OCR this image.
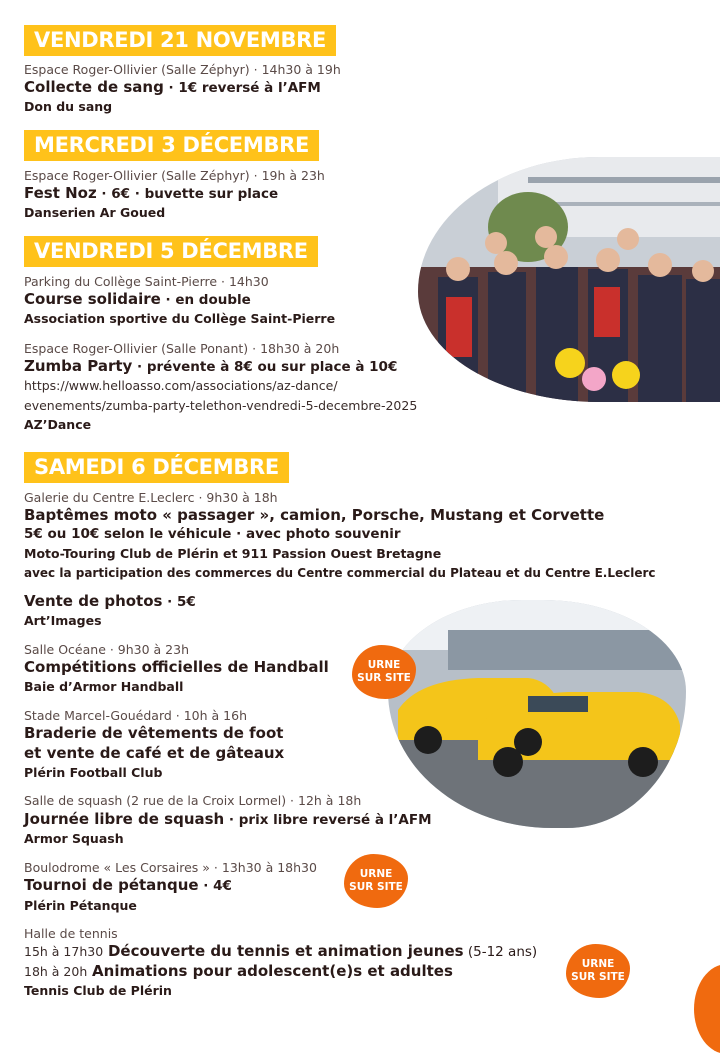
VENDREDI 21 NOVEMBRE
Espace Roger-Ollivier (Salle Zéphyr) · 14h30 à 19h
Collecte de sang · 1€ reversé à l’AFM
Don du sang
MERCREDI 3 DÉCEMBRE
Espace Roger-Ollivier (Salle Zéphyr) · 19h à 23h
Fest Noz · 6€ · buvette sur place
Danserien Ar Goued
VENDREDI 5 DÉCEMBRE
Parking du Collège Saint-Pierre · 14h30
Course solidaire · en double
Association sportive du Collège Saint-Pierre
Espace Roger-Ollivier (Salle Ponant) · 18h30 à 20h
Zumba Party · prévente à 8€ ou sur place à 10€
https://www.helloasso.com/associations/az-dance/
evenements/zumba-party-telethon-vendredi-5-decembre-2025
AZ’Dance
SAMEDI 6 DÉCEMBRE
Galerie du Centre E.Leclerc · 9h30 à 18h
Baptêmes moto « passager », camion, Porsche, Mustang et Corvette
5€ ou 10€ selon le véhicule · avec photo souvenir
Moto-Touring Club de Plérin et 911 Passion Ouest Bretagne
avec la participation des commerces du Centre commercial du Plateau et du Centre E.Leclerc
Vente de photos · 5€
Art’Images
Salle Océane · 9h30 à 23h
Compétitions officielles de Handball
Baie d’Armor Handball
Stade Marcel-Gouédard · 10h à 16h
Braderie de vêtements de foot
et vente de café et de gâteaux
Plérin Football Club
Salle de squash (2 rue de la Croix Lormel) · 12h à 18h
Journée libre de squash · prix libre reversé à l’AFM
Armor Squash
Boulodrome « Les Corsaires » · 13h30 à 18h30
Tournoi de pétanque · 4€
Plérin Pétanque
Halle de tennis
15h à 17h30 Découverte du tennis et animation jeunes (5-12 ans)
18h à 20h Animations pour adolescent(e)s et adultes
Tennis Club de Plérin
URNE
SUR SITE
URNE
SUR SITE
URNE
SUR SITE
